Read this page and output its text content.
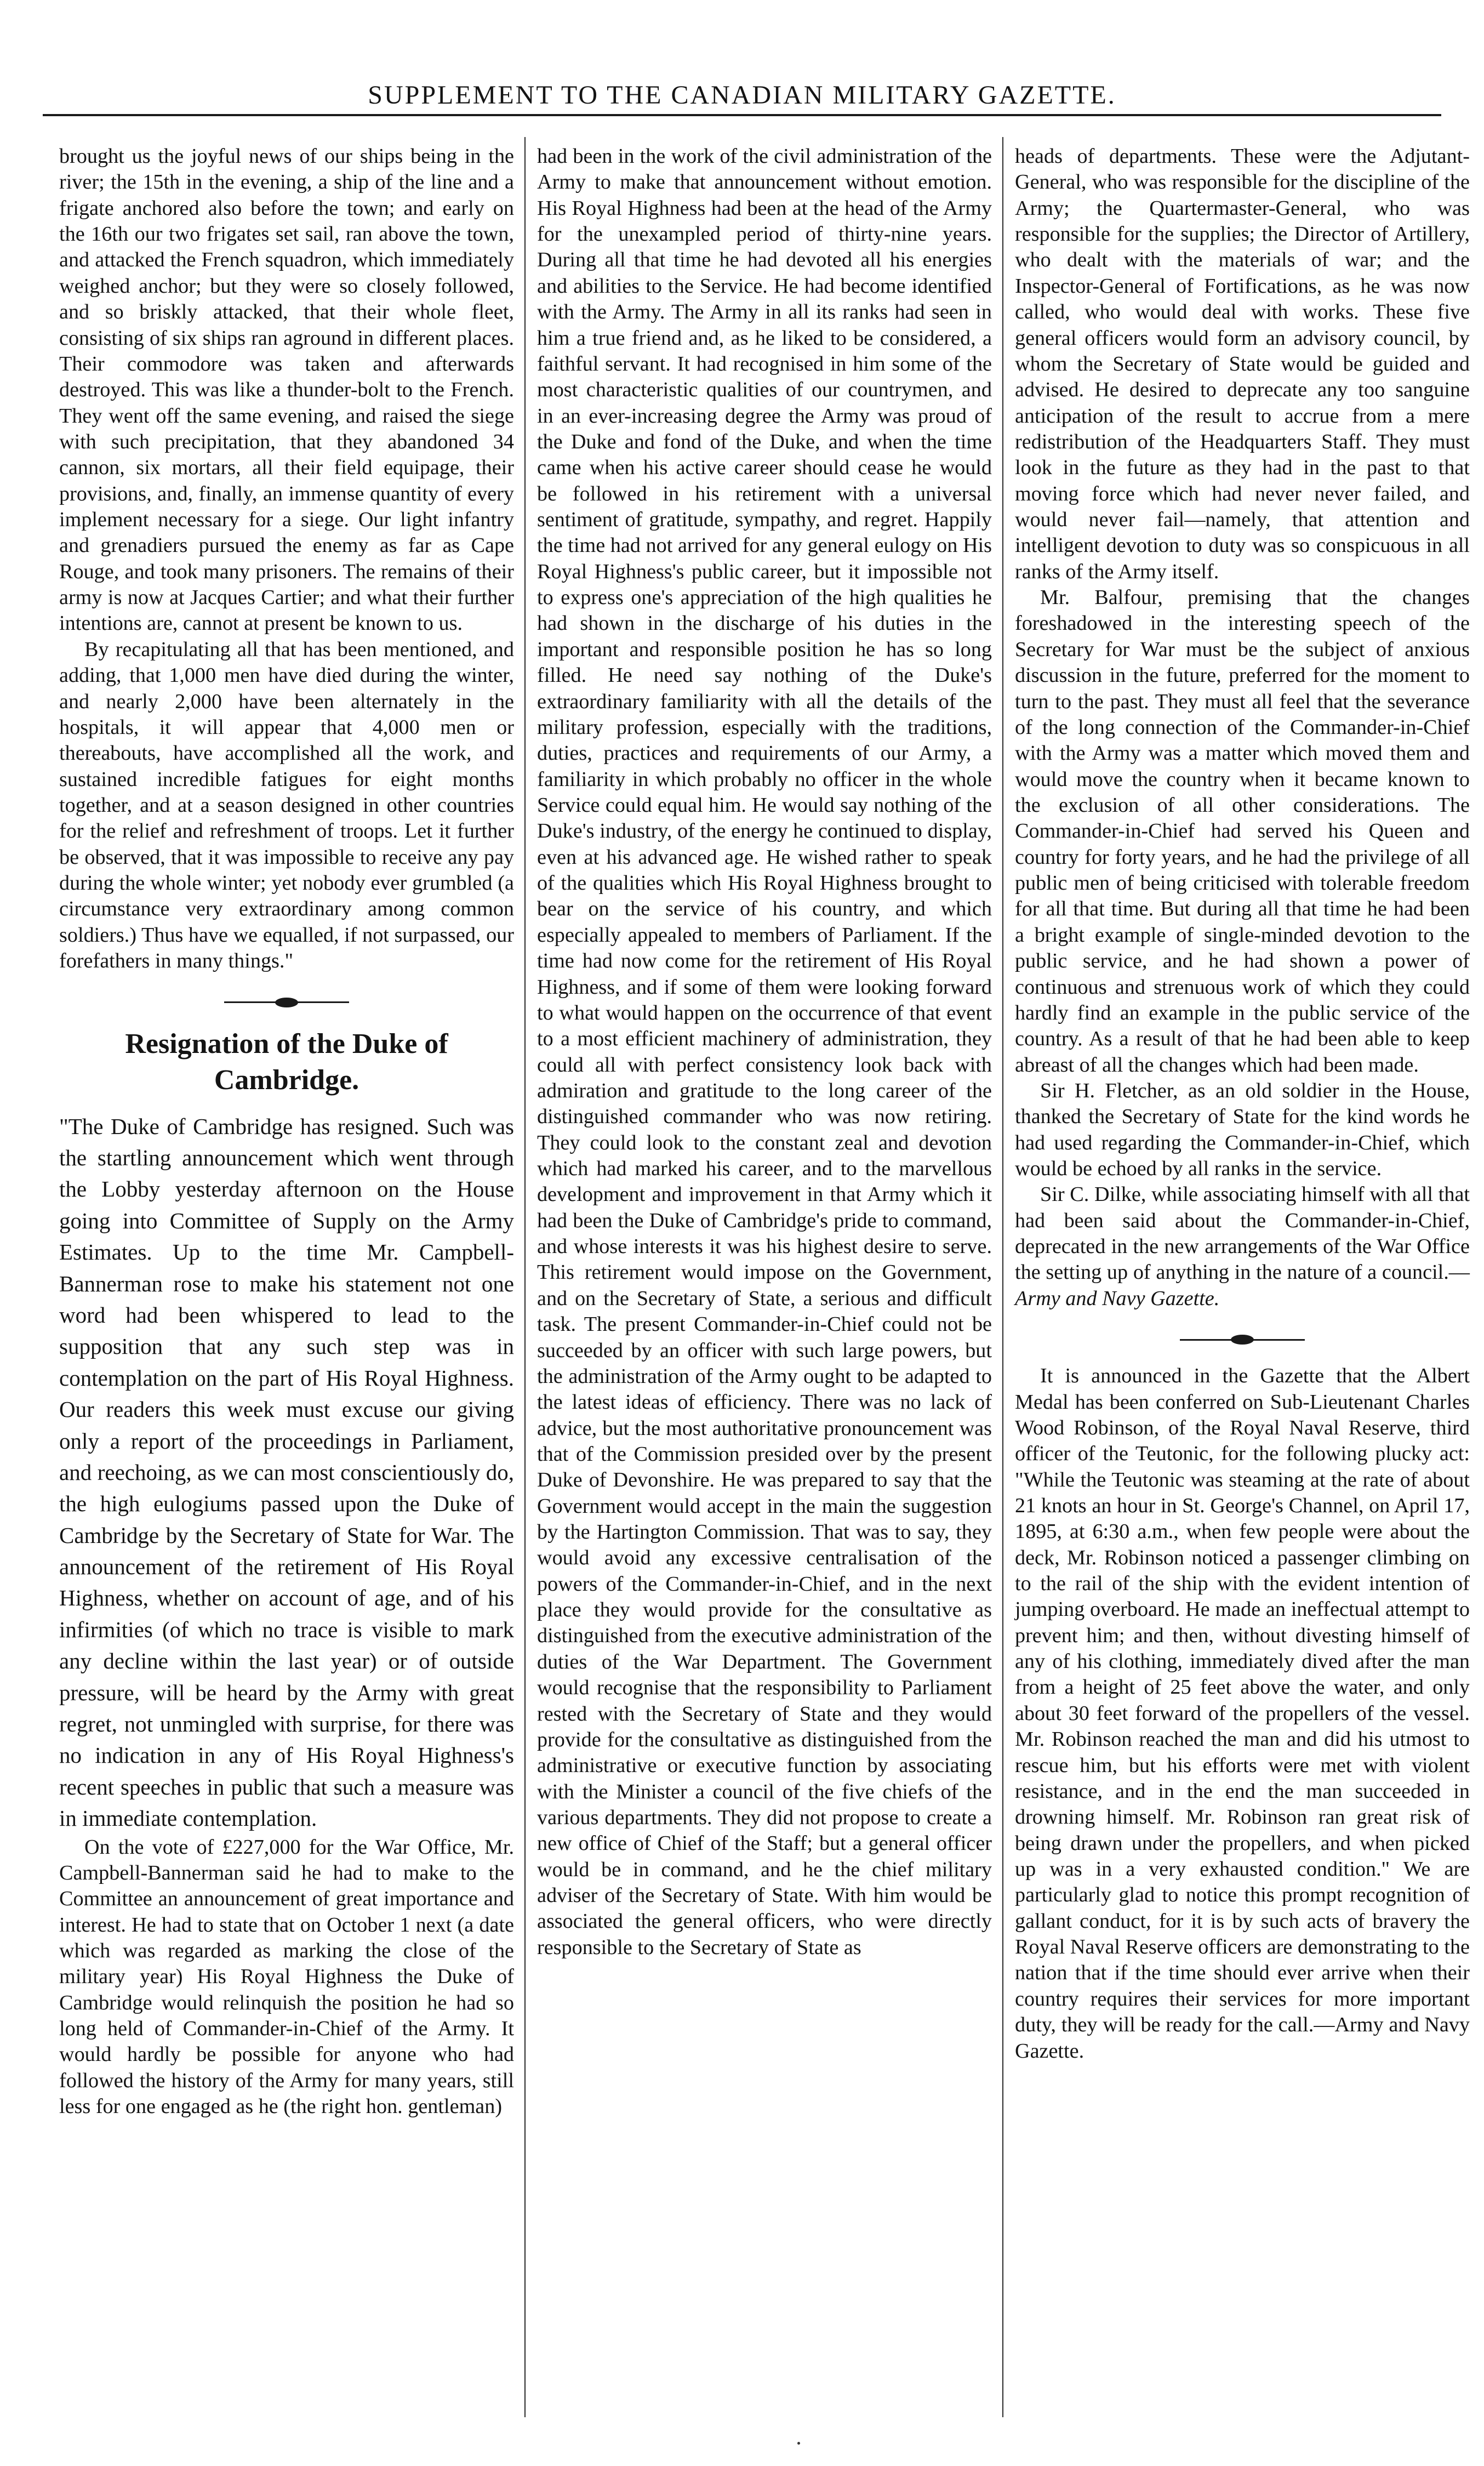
SUPPLEMENT TO THE CANADIAN MILITARY GAZETTE.

brought us the joyful news of our ships being in the river; the 15th in the evening, a ship of the line and a frigate anchored also before the town; and early on the 16th our two frigates set sail, ran above the town, and attacked the French squadron, which immediately weighed anchor; but they were so closely followed, and so briskly attacked, that their whole fleet, consisting of six ships ran aground in different places. Their commodore was taken and afterwards destroyed. This was like a thunder-bolt to the French. They went off the same evening, and raised the siege with such precipitation, that they abandoned 34 cannon, six mortars, all their field equipage, their provisions, and, finally, an immense quantity of every implement necessary for a siege. Our light infantry and grenadiers pursued the enemy as far as Cape Rouge, and took many prisoners. The remains of their army is now at Jacques Cartier; and what their further intentions are, cannot at present be known to us.

By recapitulating all that has been mentioned, and adding, that 1,000 men have died during the winter, and nearly 2,000 have been alternately in the hospitals, it will appear that 4,000 men or thereabouts, have accomplished all the work, and sustained incredible fatigues for eight months together, and at a season designed in other countries for the relief and refreshment of troops. Let it further be observed, that it was impossible to receive any pay during the whole winter; yet nobody ever grumbled (a circumstance very extraordinary among common soldiers.) Thus have we equalled, if not surpassed, our forefathers in many things."

Resignation of the Duke of Cambridge.

"The Duke of Cambridge has resigned. Such was the startling announcement which went through the Lobby yesterday afternoon on the House going into Committee of Supply on the Army Estimates. Up to the time Mr. Campbell-Bannerman rose to make his statement not one word had been whispered to lead to the supposition that any such step was in contemplation on the part of His Royal Highness. Our readers this week must excuse our giving only a report of the proceedings in Parliament, and reechoing, as we can most conscientiously do, the high eulogiums passed upon the Duke of Cambridge by the Secretary of State for War. The announcement of the retirement of His Royal Highness, whether on account of age, and of his infirmities (of which no trace is visible to mark any decline within the last year) or of outside pressure, will be heard by the Army with great regret, not unmingled with surprise, for there was no indication in any of His Royal Highness's recent speeches in public that such a measure was in immediate contemplation.

On the vote of £227,000 for the War Office, Mr. Campbell-Bannerman said he had to make to the Committee an announcement of great importance and interest. He had to state that on October 1 next (a date which was regarded as marking the close of the military year) His Royal Highness the Duke of Cambridge would relinquish the position he had so long held of Commander-in-Chief of the Army. It would hardly be possible for anyone who had followed the history of the Army for many years, still less for one engaged as he (the right hon. gentleman)

had been in the work of the civil administration of the Army to make that announcement without emotion. His Royal Highness had been at the head of the Army for the unexampled period of thirty-nine years. During all that time he had devoted all his energies and abilities to the Service. He had become identified with the Army. The Army in all its ranks had seen in him a true friend and, as he liked to be considered, a faithful servant. It had recognised in him some of the most characteristic qualities of our countrymen, and in an ever-increasing degree the Army was proud of the Duke and fond of the Duke, and when the time came when his active career should cease he would be followed in his retirement with a universal sentiment of gratitude, sympathy, and regret. Happily the time had not arrived for any general eulogy on His Royal Highness's public career, but it impossible not to express one's appreciation of the high qualities he had shown in the discharge of his duties in the important and responsible position he has so long filled. He need say nothing of the Duke's extraordinary familiarity with all the details of the military profession, especially with the traditions, duties, practices and requirements of our Army, a familiarity in which probably no officer in the whole Service could equal him. He would say nothing of the Duke's industry, of the energy he continued to display, even at his advanced age. He wished rather to speak of the qualities which His Royal Highness brought to bear on the service of his country, and which especially appealed to members of Parliament. If the time had now come for the retirement of His Royal Highness, and if some of them were looking forward to what would happen on the occurrence of that event to a most efficient machinery of administration, they could all with perfect consistency look back with admiration and gratitude to the long career of the distinguished commander who was now retiring. They could look to the constant zeal and devotion which had marked his career, and to the marvellous development and improvement in that Army which it had been the Duke of Cambridge's pride to command, and whose interests it was his highest desire to serve. This retirement would impose on the Government, and on the Secretary of State, a serious and difficult task. The present Commander-in-Chief could not be succeeded by an officer with such large powers, but the administration of the Army ought to be adapted to the latest ideas of efficiency. There was no lack of advice, but the most authoritative pronouncement was that of the Commission presided over by the present Duke of Devonshire. He was prepared to say that the Government would accept in the main the suggestion by the Hartington Commission. That was to say, they would avoid any excessive centralisation of the powers of the Commander-in-Chief, and in the next place they would provide for the consultative as distinguished from the executive administration of the duties of the War Department. The Government would recognise that the responsibility to Parliament rested with the Secretary of State and they would provide for the consultative as distinguished from the administrative or executive function by associating with the Minister a council of the five chiefs of the various departments. They did not propose to create a new office of Chief of the Staff; but a general officer would be in command, and he the chief military adviser of the Secretary of State. With him would be associated the general officers, who were directly responsible to the Secretary of State as

heads of departments. These were the Adjutant-General, who was responsible for the discipline of the Army; the Quartermaster-General, who was responsible for the supplies; the Director of Artillery, who dealt with the materials of war; and the Inspector-General of Fortifications, as he was now called, who would deal with works. These five general officers would form an advisory council, by whom the Secretary of State would be guided and advised. He desired to deprecate any too sanguine anticipation of the result to accrue from a mere redistribution of the Headquarters Staff. They must look in the future as they had in the past to that moving force which had never never failed, and would never fail—namely, that attention and intelligent devotion to duty was so conspicuous in all ranks of the Army itself.

Mr. Balfour, premising that the changes foreshadowed in the interesting speech of the Secretary for War must be the subject of anxious discussion in the future, preferred for the moment to turn to the past. They must all feel that the severance of the long connection of the Commander-in-Chief with the Army was a matter which moved them and would move the country when it became known to the exclusion of all other considerations. The Commander-in-Chief had served his Queen and country for forty years, and he had the privilege of all public men of being criticised with tolerable freedom for all that time. But during all that time he had been a bright example of single-minded devotion to the public service, and he had shown a power of continuous and strenuous work of which they could hardly find an example in the public service of the country. As a result of that he had been able to keep abreast of all the changes which had been made.

Sir H. Fletcher, as an old soldier in the House, thanked the Secretary of State for the kind words he had used regarding the Commander-in-Chief, which would be echoed by all ranks in the service.

Sir C. Dilke, while associating himself with all that had been said about the Commander-in-Chief, deprecated in the new arrangements of the War Office the setting up of anything in the nature of a council.—Army and Navy Gazette.

It is announced in the Gazette that the Albert Medal has been conferred on Sub-Lieutenant Charles Wood Robinson, of the Royal Naval Reserve, third officer of the Teutonic, for the following plucky act: "While the Teutonic was steaming at the rate of about 21 knots an hour in St. George's Channel, on April 17, 1895, at 6:30 a.m., when few people were about the deck, Mr. Robinson noticed a passenger climbing on to the rail of the ship with the evident intention of jumping overboard. He made an ineffectual attempt to prevent him; and then, without divesting himself of any of his clothing, immediately dived after the man from a height of 25 feet above the water, and only about 30 feet forward of the propellers of the vessel. Mr. Robinson reached the man and did his utmost to rescue him, but his efforts were met with violent resistance, and in the end the man succeeded in drowning himself. Mr. Robinson ran great risk of being drawn under the propellers, and when picked up was in a very exhausted condition." We are particularly glad to notice this prompt recognition of gallant conduct, for it is by such acts of bravery the Royal Naval Reserve officers are demonstrating to the nation that if the time should ever arrive when their country requires their services for more important duty, they will be ready for the call.—Army and Navy Gazette.
